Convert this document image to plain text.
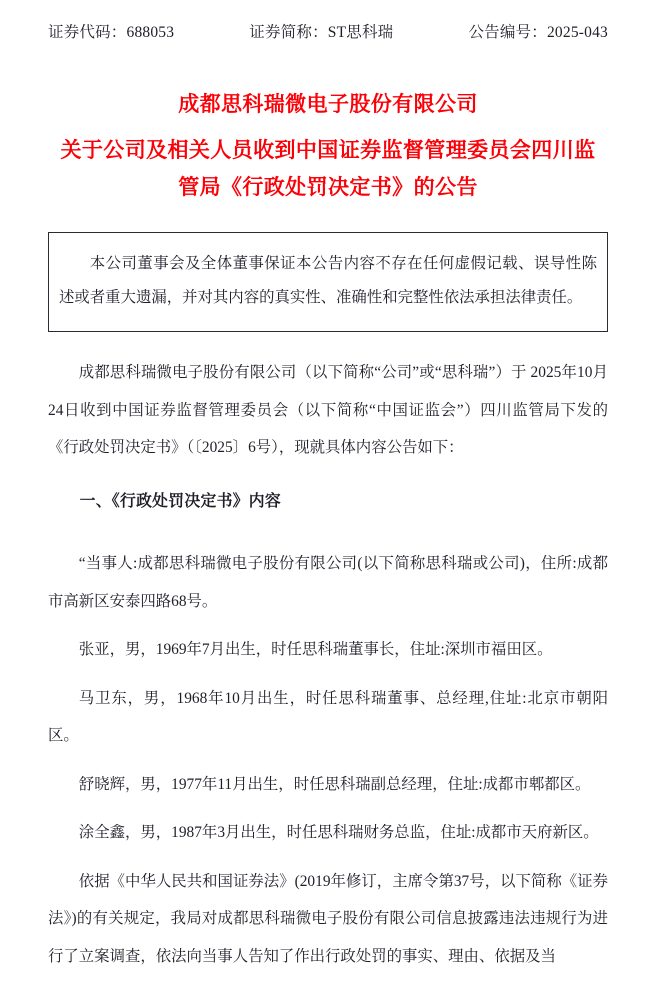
证券代码：688053	证券简称：ST思科瑞	公告编号：2025-043
成都思科瑞微电子股份有限公司
关于公司及相关人员收到中国证券监督管理委员会四川监管局《行政处罚决定书》的公告

本公司董事会及全体董事保证本公告内容不存在任何虚假记载、误导性陈述或者重大遗漏，并对其内容的真实性、准确性和完整性依法承担法律责任。

成都思科瑞微电子股份有限公司（以下简称“公司”或“思科瑞”）于 2025年10月24日收到中国证券监督管理委员会（以下简称“中国证监会”）四川监管局下发的《行政处罚决定书》（〔2025〕6号），现就具体内容公告如下：

一、《行政处罚决定书》内容

“当事人:成都思科瑞微电子股份有限公司(以下简称思科瑞或公司)，住所:成都市高新区安泰四路68号。

张亚，男，1969年7月出生，时任思科瑞董事长，住址:深圳市福田区。

马卫东，男，1968年10月出生，时任思科瑞董事、总经理,住址:北京市朝阳区。

舒晓辉，男，1977年11月出生，时任思科瑞副总经理，住址:成都市郫都区。

涂全鑫，男，1987年3月出生，时任思科瑞财务总监，住址:成都市天府新区。

依据《中华人民共和国证券法》(2019年修订，主席令第37号，以下简称《证券法》)的有关规定，我局对成都思科瑞微电子股份有限公司信息披露违法违规行为进行了立案调查，依法向当事人告知了作出行政处罚的事实、理由、依据及当
